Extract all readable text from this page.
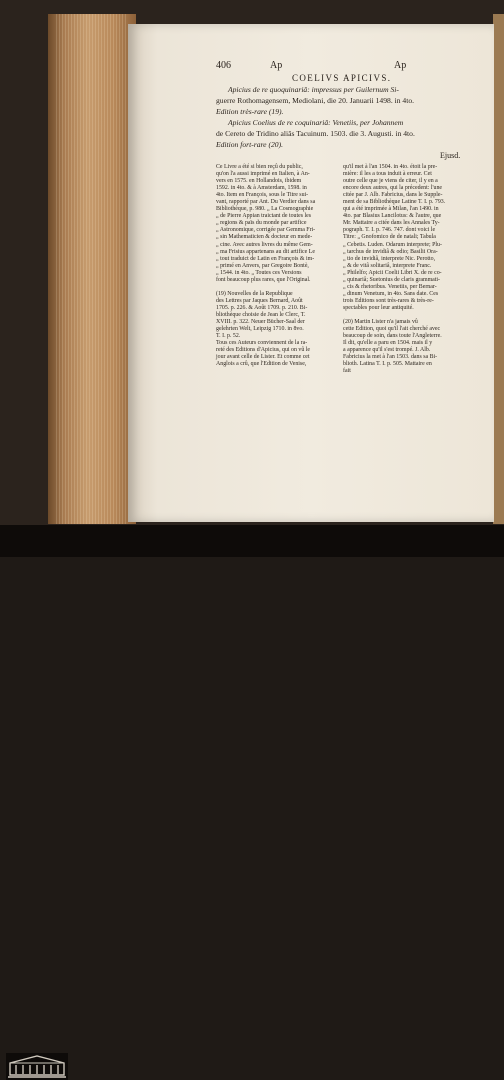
406	Ap	Ap
COELIVS APICIVS.
Apicius de re quoquinariâ: impressus per Guilernum Si-
guerre Rothomagensem, Mediolani, die 20. Januarii 1498. in 4to.
Edition très-rare (19).
Apicius Coelius de re coquinariâ: Venetiis, per Johannem
de Cereto de Tridino aliâs Tacuinum. 1503. die 3. Augusti. in 4to.
Edition fort-rare (20).
Ejusd.
Ce Livre a été si bien reçû du public,
qu'on l'a aussi imprimé en Italien, à An-
vers en 1575. en Hollandois, ibidem
1592. in 4to. & à Amsterdam, 1598. in
4to. Item en François, sous le Titre sui-
vant, rapporté par Ant. Du Verdier dans sa
Bibliothèque, p. 980. „ La Cosmographie
„ de Pierre Appian traictant de toutes les
„ regions & païs du monde par artifice
„ Astronomique, corrigée par Gemma Fri-
„ sin Mathematicien & docteur en mede-
„ cine. Avec autres livres du même Gem-
„ ma Frisius appartenans au dit artifice Le
„ tout traduict de Latin en François & im-
„ primé en Anvers, par Gregoire Bontè,
„ 1544. in 4to. „ Toutes ces Versions
font beaucoup plus rares, que l'Original.

(19) Nouvelles de la Republique
des Lettres par Jaques Bernard, Août
1705. p. 226. & Août 1709. p. 210. Bi-
bliothèque choisie de Jean le Clerc, T.
XVIII. p. 322. Neuer Bücher-Saal der
gelehrten Welt, Leipzig 1710. in 8vo.
T. I. p. 52.
Tous ces Auteurs conviennent de la ra-
reté des Editions d'Apicius, qui on vû le
jour avant celle de Lister. Et comme cet
Anglois a crû, que l'Edition de Venise,
qu'il met à l'an 1504. in 4to. étoit la pre-
mière: il les a tous induit à erreur. Cet
outre celle que je viens de citer, il y en a
encore deux autres, qui la précedent: l'une
citée par J. Alb. Fabricius, dans le Supple-
ment de sa Bibliothèque Latine T. I. p. 793.
qui a été imprimée à Milan, l'an 1490. in
4to. par Blasius Lancilotus: & l'autre, que
Mr. Mattaire a citée dans les Annales Ty-
pograph. T. I. p. 746. 747. dont voici le
Titre: „ Gnofomico de de natali; Tabula
„ Cebetis. Luden. Odarum interprete; Plu-
„ tarchus de invidiâ & odio; Basilii Ora-
„ tio de invidiâ, interprete Nic. Perotto,
„ & de vitâ solitariâ, interprete Franc.
„ Philelfo; Apicii Coelii Libri X. de re co-
„ quinariâ; Suetonius de claris grammati-
„ cis & rhetoribus. Venetiis, per Bernar-
„ dinum Venetum, in 4to. Sans date. Ces
trois Editions sont très-rares & très-re-
spectables pour leur antiquité.

(20) Martin Lister n'a jamais vû
cette Edition, quoi qu'il l'ait cherché avec
beaucoup de soin, dans toute l'Angleterre.
Il dit, qu'elle a paru en 1504. mais il y
a apparence qu'il s'est trompé. J. Alb.
Fabricius la met à l'an 1503. dans sa Bi-
blioth. Latina T. I. p. 505. Mattaire en
fait
